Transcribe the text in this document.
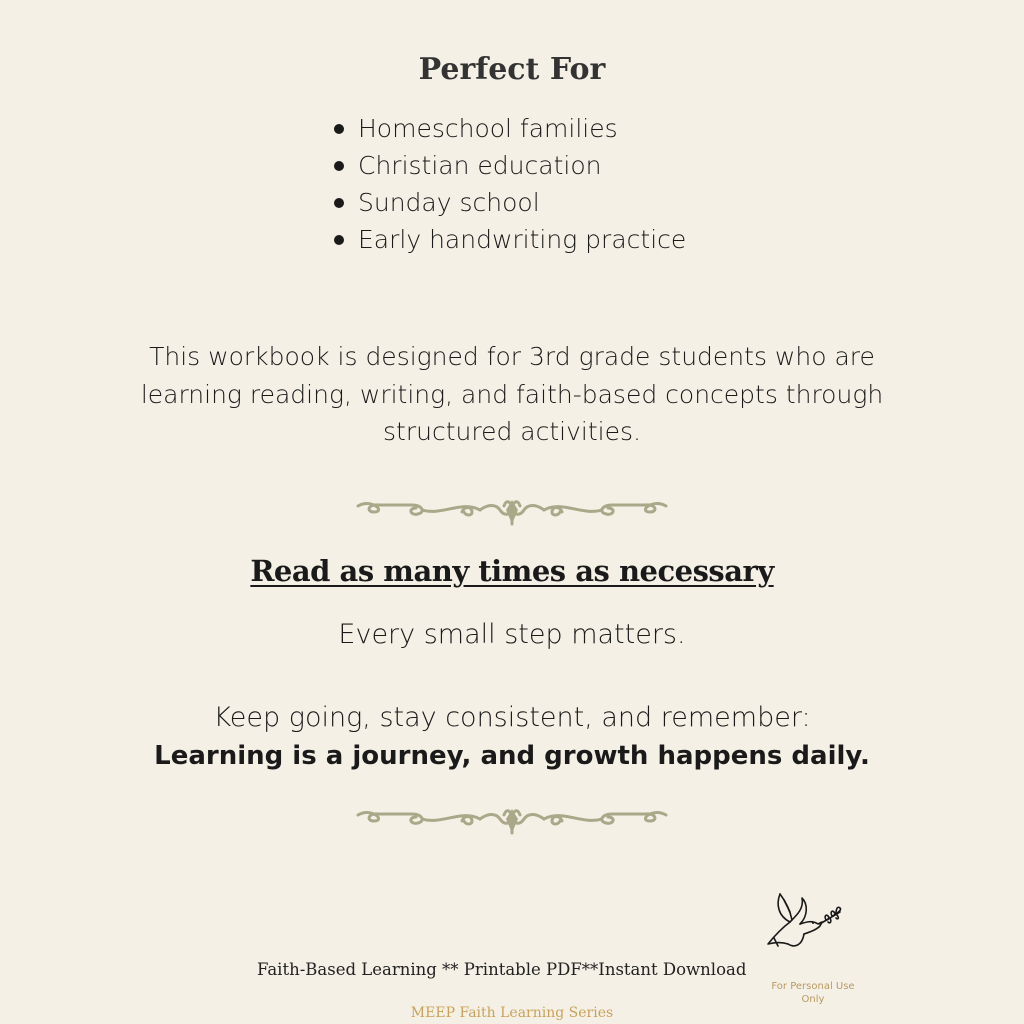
Perfect For
Homeschool families
Christian education
Sunday school
Early handwriting practice

This workbook is designed for 3rd grade students who are learning reading, writing, and faith-based concepts through structured activities.

Read as many times as necessary

Every small step matters.

Keep going, stay consistent, and remember:

Learning is a journey, and growth happens daily.

For Personal Use Only

Faith-Based Learning ** Printable PDF**Instant Download

MEEP Faith Learning Series
